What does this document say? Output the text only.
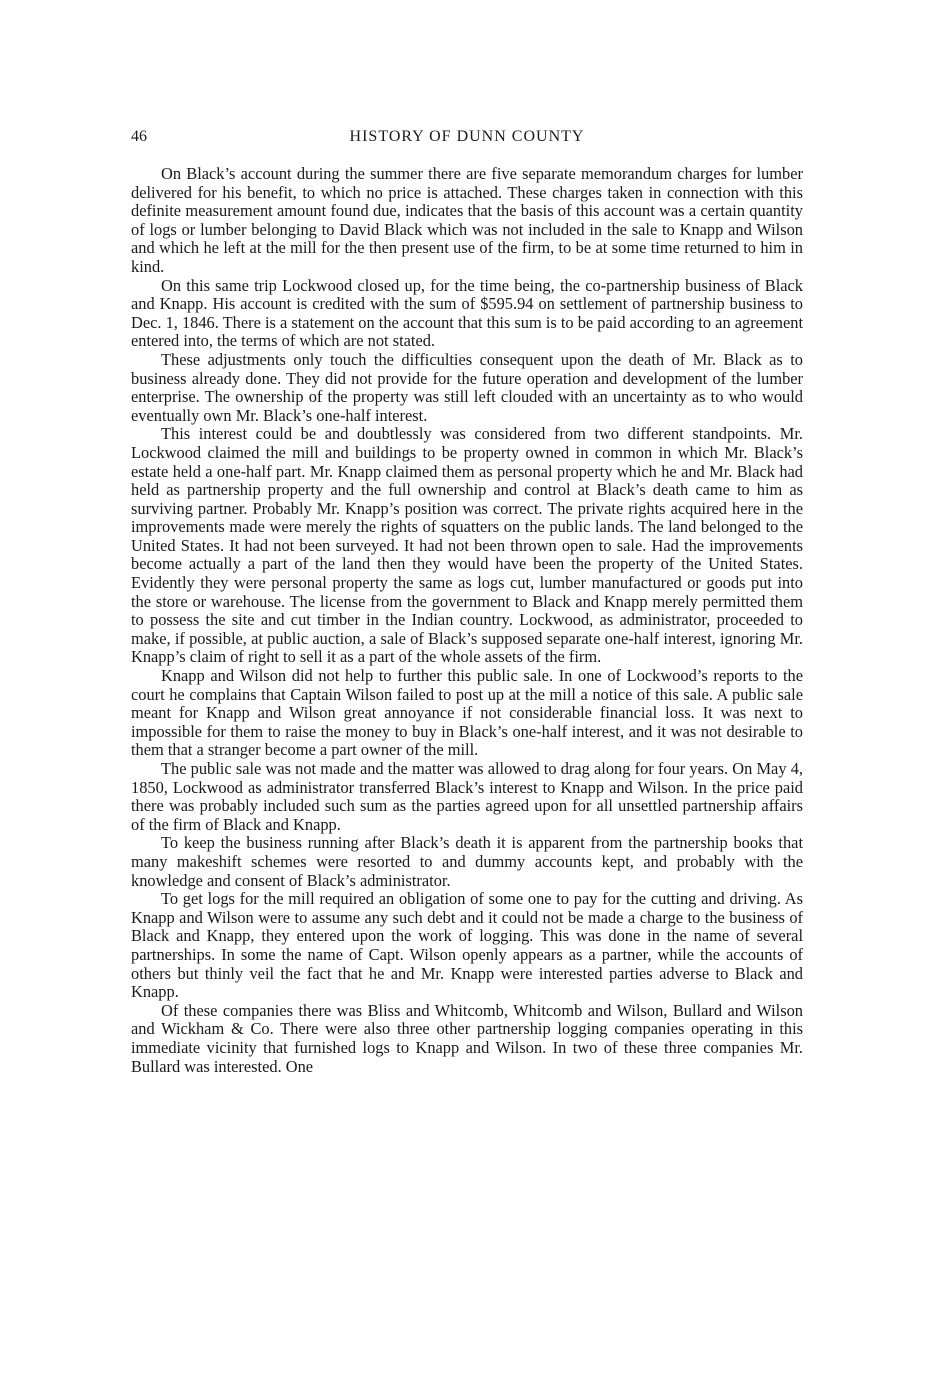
46	HISTORY OF DUNN COUNTY

On Black’s account during the summer there are five separate memorandum charges for lumber delivered for his benefit, to which no price is attached. These charges taken in connection with this definite measurement amount found due, indicates that the basis of this account was a certain quantity of logs or lumber belonging to David Black which was not included in the sale to Knapp and Wilson and which he left at the mill for the then present use of the firm, to be at some time returned to him in kind.

On this same trip Lockwood closed up, for the time being, the co-partnership business of Black and Knapp. His account is credited with the sum of $595.94 on settlement of partnership business to Dec. 1, 1846. There is a statement on the account that this sum is to be paid according to an agreement entered into, the terms of which are not stated.

These adjustments only touch the difficulties consequent upon the death of Mr. Black as to business already done. They did not provide for the future operation and development of the lumber enterprise. The ownership of the property was still left clouded with an uncertainty as to who would eventually own Mr. Black’s one-half interest.

This interest could be and doubtlessly was considered from two different standpoints. Mr. Lockwood claimed the mill and buildings to be property owned in common in which Mr. Black’s estate held a one-half part. Mr. Knapp claimed them as personal property which he and Mr. Black had held as partnership property and the full ownership and control at Black’s death came to him as surviving partner. Probably Mr. Knapp’s position was correct. The private rights acquired here in the improvements made were merely the rights of squatters on the public lands. The land belonged to the United States. It had not been surveyed. It had not been thrown open to sale. Had the improvements become actually a part of the land then they would have been the property of the United States. Evidently they were personal property the same as logs cut, lumber manufactured or goods put into the store or warehouse. The license from the government to Black and Knapp merely permitted them to possess the site and cut timber in the Indian country. Lockwood, as administrator, proceeded to make, if possible, at public auction, a sale of Black’s supposed separate one-half interest, ignoring Mr. Knapp’s claim of right to sell it as a part of the whole assets of the firm.

Knapp and Wilson did not help to further this public sale. In one of Lockwood’s reports to the court he complains that Captain Wilson failed to post up at the mill a notice of this sale. A public sale meant for Knapp and Wilson great annoyance if not considerable financial loss. It was next to impossible for them to raise the money to buy in Black’s one-half interest, and it was not desirable to them that a stranger become a part owner of the mill.

The public sale was not made and the matter was allowed to drag along for four years. On May 4, 1850, Lockwood as administrator transferred Black’s interest to Knapp and Wilson. In the price paid there was probably included such sum as the parties agreed upon for all unsettled partnership affairs of the firm of Black and Knapp.

To keep the business running after Black’s death it is apparent from the partnership books that many makeshift schemes were resorted to and dummy accounts kept, and probably with the knowledge and consent of Black’s administrator.

To get logs for the mill required an obligation of some one to pay for the cutting and driving. As Knapp and Wilson were to assume any such debt and it could not be made a charge to the business of Black and Knapp, they entered upon the work of logging. This was done in the name of several partnerships. In some the name of Capt. Wilson openly appears as a partner, while the accounts of others but thinly veil the fact that he and Mr. Knapp were interested parties adverse to Black and Knapp.

Of these companies there was Bliss and Whitcomb, Whitcomb and Wilson, Bullard and Wilson and Wickham & Co. There were also three other partnership logging companies operating in this immediate vicinity that furnished logs to Knapp and Wilson. In two of these three companies Mr. Bullard was interested. One
